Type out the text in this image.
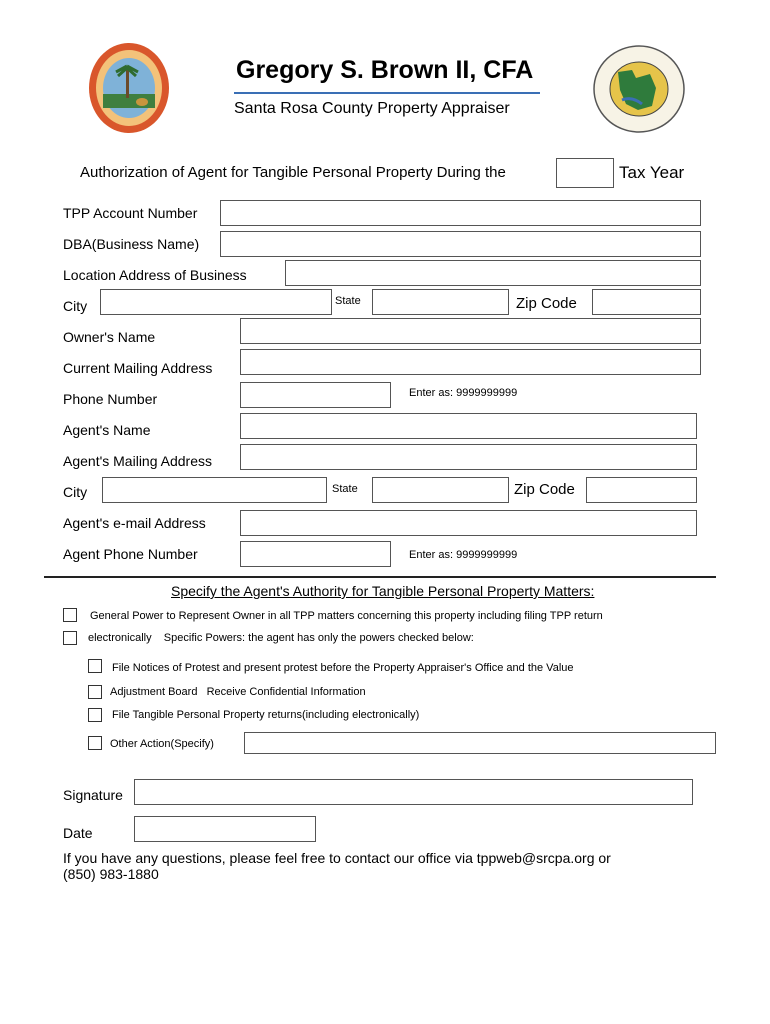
Gregory S. Brown II, CFA
Santa Rosa County Property Appraiser
Authorization of Agent for Tangible Personal Property During the	Tax Year
TPP Account Number
DBA(Business Name)
Location Address of Business
City	State	Zip Code
Owner's Name
Current Mailing Address
Phone Number	Enter as: 9999999999
Agent's Name
Agent's Mailing Address
City	State	Zip Code
Agent's e-mail Address
Agent Phone Number	Enter as: 9999999999
Specify the Agent's Authority for Tangible Personal Property Matters:
General Power to Represent Owner in all TPP matters concerning this property including filing TPP return
electronically    Specific Powers: the agent has only the powers checked below:
File Notices of Protest and present protest before the Property Appraiser's Office and the Value
Adjustment Board   Receive Confidential Information
File Tangible Personal Property returns(including electronically)
Other Action(Specify)
Signature
Date
If you have any questions, please feel free to contact our office via tppweb@srcpa.org or
(850) 983-1880
